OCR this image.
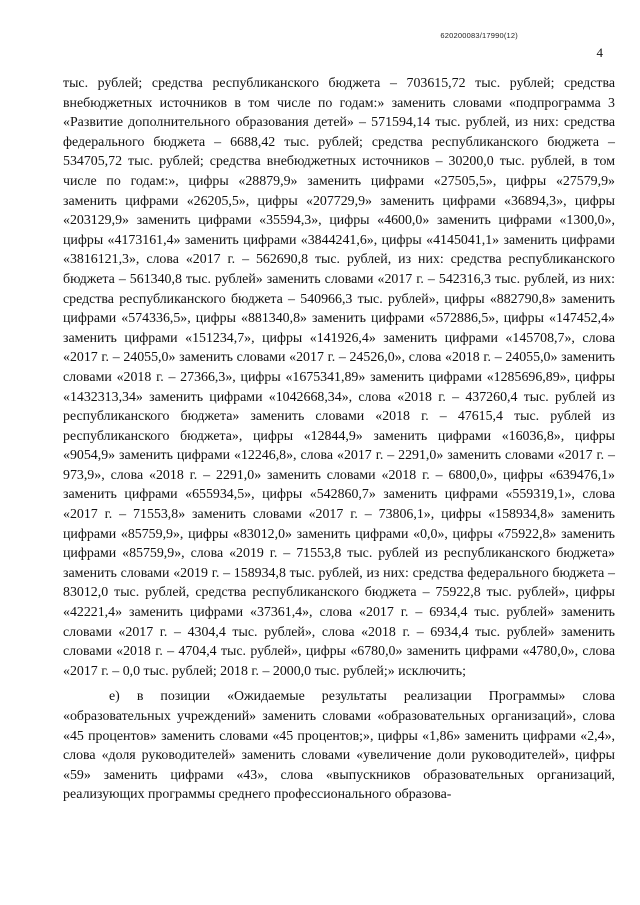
620200083/17990(12)
4

тыс. рублей; средства республиканского бюджета – 703615,72 тыс. рублей; средства внебюджетных источников в том числе по годам:» заменить словами «подпрограмма 3 «Развитие дополнительного образования детей» – 571594,14 тыс. рублей, из них: средства федерального бюджета – 6688,42 тыс. рублей; средства республиканского бюджета – 534705,72 тыс. рублей; средства внебюджетных источников – 30200,0 тыс. рублей, в том числе по годам:», цифры «28879,9» заменить цифрами «27505,5», цифры «27579,9» заменить цифрами «26205,5», цифры «207729,9» заменить цифрами «36894,3», цифры «203129,9» заменить цифрами «35594,3», цифры «4600,0» заменить цифрами «1300,0», цифры «4173161,4» заменить цифрами «3844241,6», цифры «4145041,1» заменить цифрами «3816121,3», слова «2017 г. – 562690,8 тыс. рублей, из них: средства республиканского бюджета – 561340,8 тыс. рублей» заменить словами «2017 г. – 542316,3 тыс. рублей, из них: средства республиканского бюджета – 540966,3 тыс. рублей», цифры «882790,8» заменить цифрами «574336,5», цифры «881340,8» заменить цифрами «572886,5», цифры «147452,4» заменить цифрами «151234,7», цифры «141926,4» заменить цифрами «145708,7», слова «2017 г. – 24055,0» заменить словами «2017 г. – 24526,0», слова «2018 г. – 24055,0» заменить словами «2018 г. – 27366,3», цифры «1675341,89» заменить цифрами «1285696,89», цифры «1432313,34» заменить цифрами «1042668,34», слова «2018 г. – 437260,4 тыс. рублей из республиканского бюджета» заменить словами «2018 г. – 47615,4 тыс. рублей из республиканского бюджета», цифры «12844,9» заменить цифрами «16036,8», цифры «9054,9» заменить цифрами «12246,8», слова «2017 г. – 2291,0» заменить словами «2017 г. – 973,9», слова «2018 г. – 2291,0» заменить словами «2018 г. – 6800,0», цифры «639476,1» заменить цифрами «655934,5», цифры «542860,7» заменить цифрами «559319,1», слова «2017 г. – 71553,8» заменить словами «2017 г. – 73806,1», цифры «158934,8» заменить цифрами «85759,9», цифры «83012,0» заменить цифрами «0,0», цифры «75922,8» заменить цифрами «85759,9», слова «2019 г. – 71553,8 тыс. рублей из республиканского бюджета» заменить словами «2019 г. – 158934,8 тыс. рублей, из них: средства федерального бюджета – 83012,0 тыс. рублей, средства республиканского бюджета – 75922,8 тыс. рублей», цифры «42221,4» заменить цифрами «37361,4», слова «2017 г. – 6934,4 тыс. рублей» заменить словами «2017 г. – 4304,4 тыс. рублей», слова «2018 г. – 6934,4 тыс. рублей» заменить словами «2018 г. – 4704,4 тыс. рублей», цифры «6780,0» заменить цифрами «4780,0», слова «2017 г. – 0,0 тыс. рублей; 2018 г. – 2000,0 тыс. рублей;» исключить;

е) в позиции «Ожидаемые результаты реализации Программы» слова «образовательных учреждений» заменить словами «образовательных организаций», слова «45 процентов» заменить словами «45 процентов;», цифры «1,86» заменить цифрами «2,4», слова «доля руководителей» заменить словами «увеличение доли руководителей», цифры «59» заменить цифрами «43», слова «выпускников образовательных организаций, реализующих программы среднего профессионального образова-
